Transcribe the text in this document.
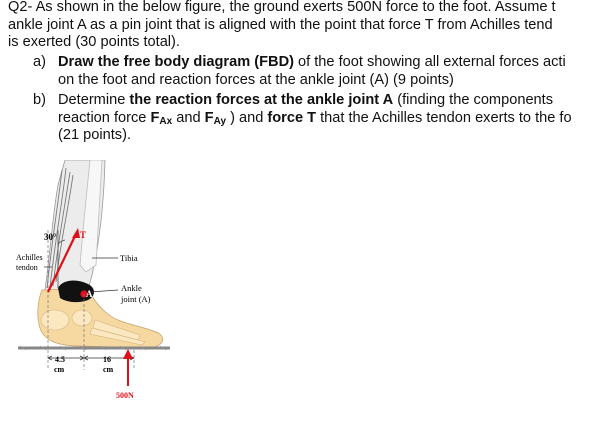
Q2- As shown in the below figure, the ground exerts 500N force to the foot. Assume t
ankle joint A as a pin joint that is aligned with the point that force T from Achilles tend
is exerted (30 points total).
a) Draw the free body diagram (FBD) of the foot showing all external forces acti
on the foot and reaction forces at the ankle joint (A) (9 points)
b) Determine the reaction forces at the ankle joint A (finding the components
reaction force $F_{Ax}$ and $F_{Ay}$ ) and force T that the Achilles tendon exerts to the fo
(21 points).
A
30°	T
Achilles
tendon
Tibia
Ankle
joint (A)
4.5
cm
16
cm
500N
